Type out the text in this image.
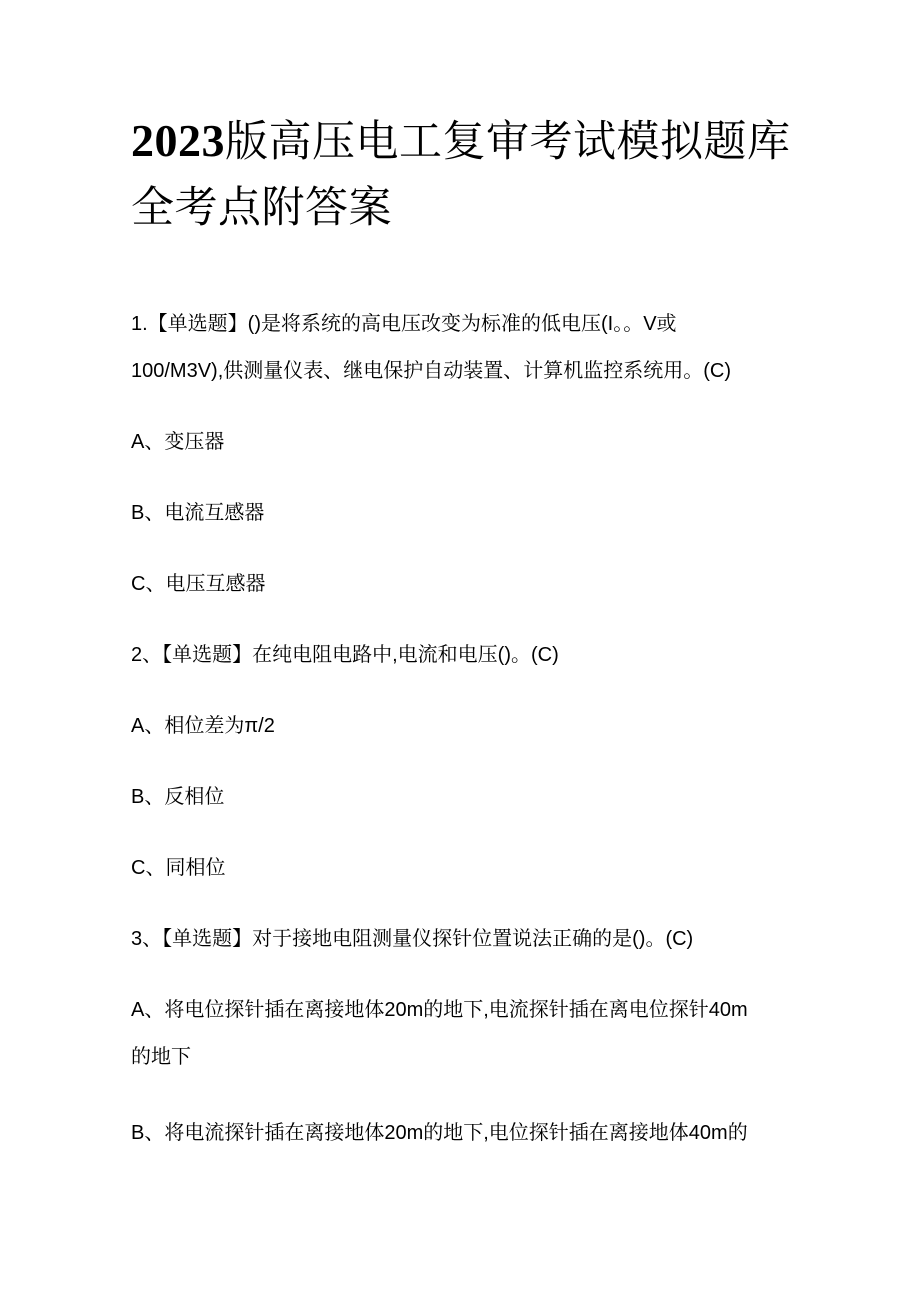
2023版高压电工复审考试模拟题库
全考点附答案

1.【单选题】()是将系统的高电压改变为标准的低电压(I。。V或

100/M3V),供测量仪表、继电保护自动装置、计算机监控系统用。(C)

A、变压器

B、电流互感器

C、电压互感器

2、【单选题】在纯电阻电路中,电流和电压()。(C)

A、相位差为π/2

B、反相位

C、同相位

3、【单选题】对于接地电阻测量仪探针位置说法正确的是()。(C)

A、将电位探针插在离接地体20m的地下,电流探针插在离电位探针40m

的地下

B、将电流探针插在离接地体20m的地下,电位探针插在离接地体40m的
